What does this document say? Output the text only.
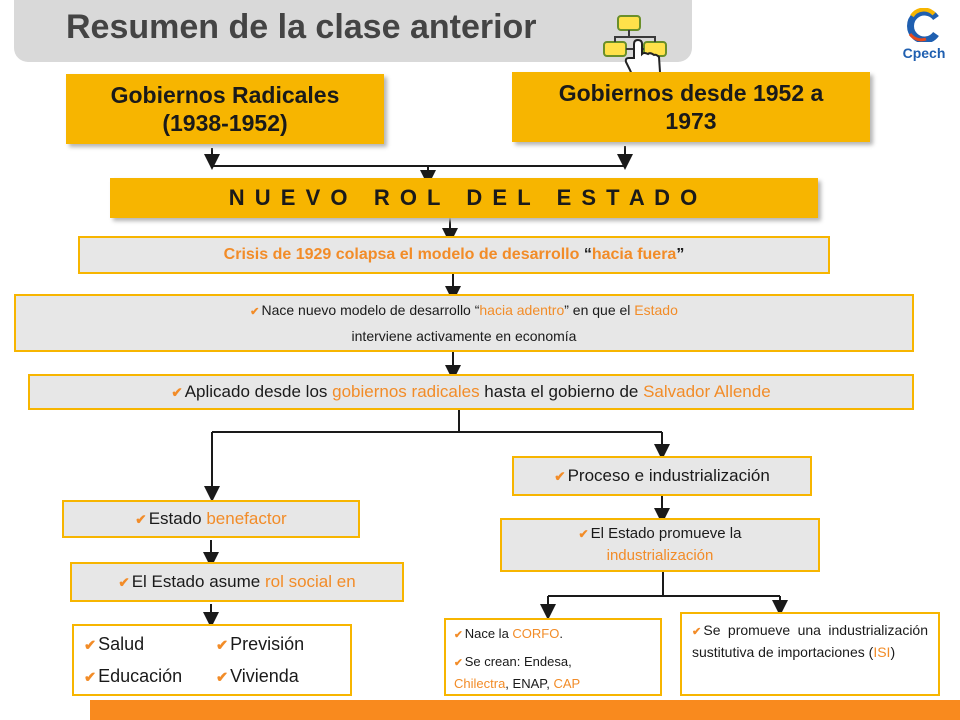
Resumen de la clase anterior
Cpech
Gobiernos Radicales
(1938-1952)
Gobiernos desde 1952 a
1973
N U E V O   R O L   D E L   E S T A D O
Crisis de 1929 colapsa el modelo de desarrollo “hacia fuera”
✔ Nace nuevo modelo de desarrollo “hacia adentro” en que el Estado
interviene activamente en economía
✔ Aplicado desde los gobiernos radicales hasta el gobierno de Salvador Allende
✔ Proceso e industrialización
✔ Estado benefactor
✔ El Estado promueve la
industrialización
✔ El Estado asume rol social en
✔ Salud	✔ Previsión
✔ Educación ✔ Vivienda
✔ Nace la CORFO.
✔ Se crean: Endesa,
Chilectra, ENAP, CAP
✔ Se promueve una industrialización sustitutiva de importaciones (ISI)
